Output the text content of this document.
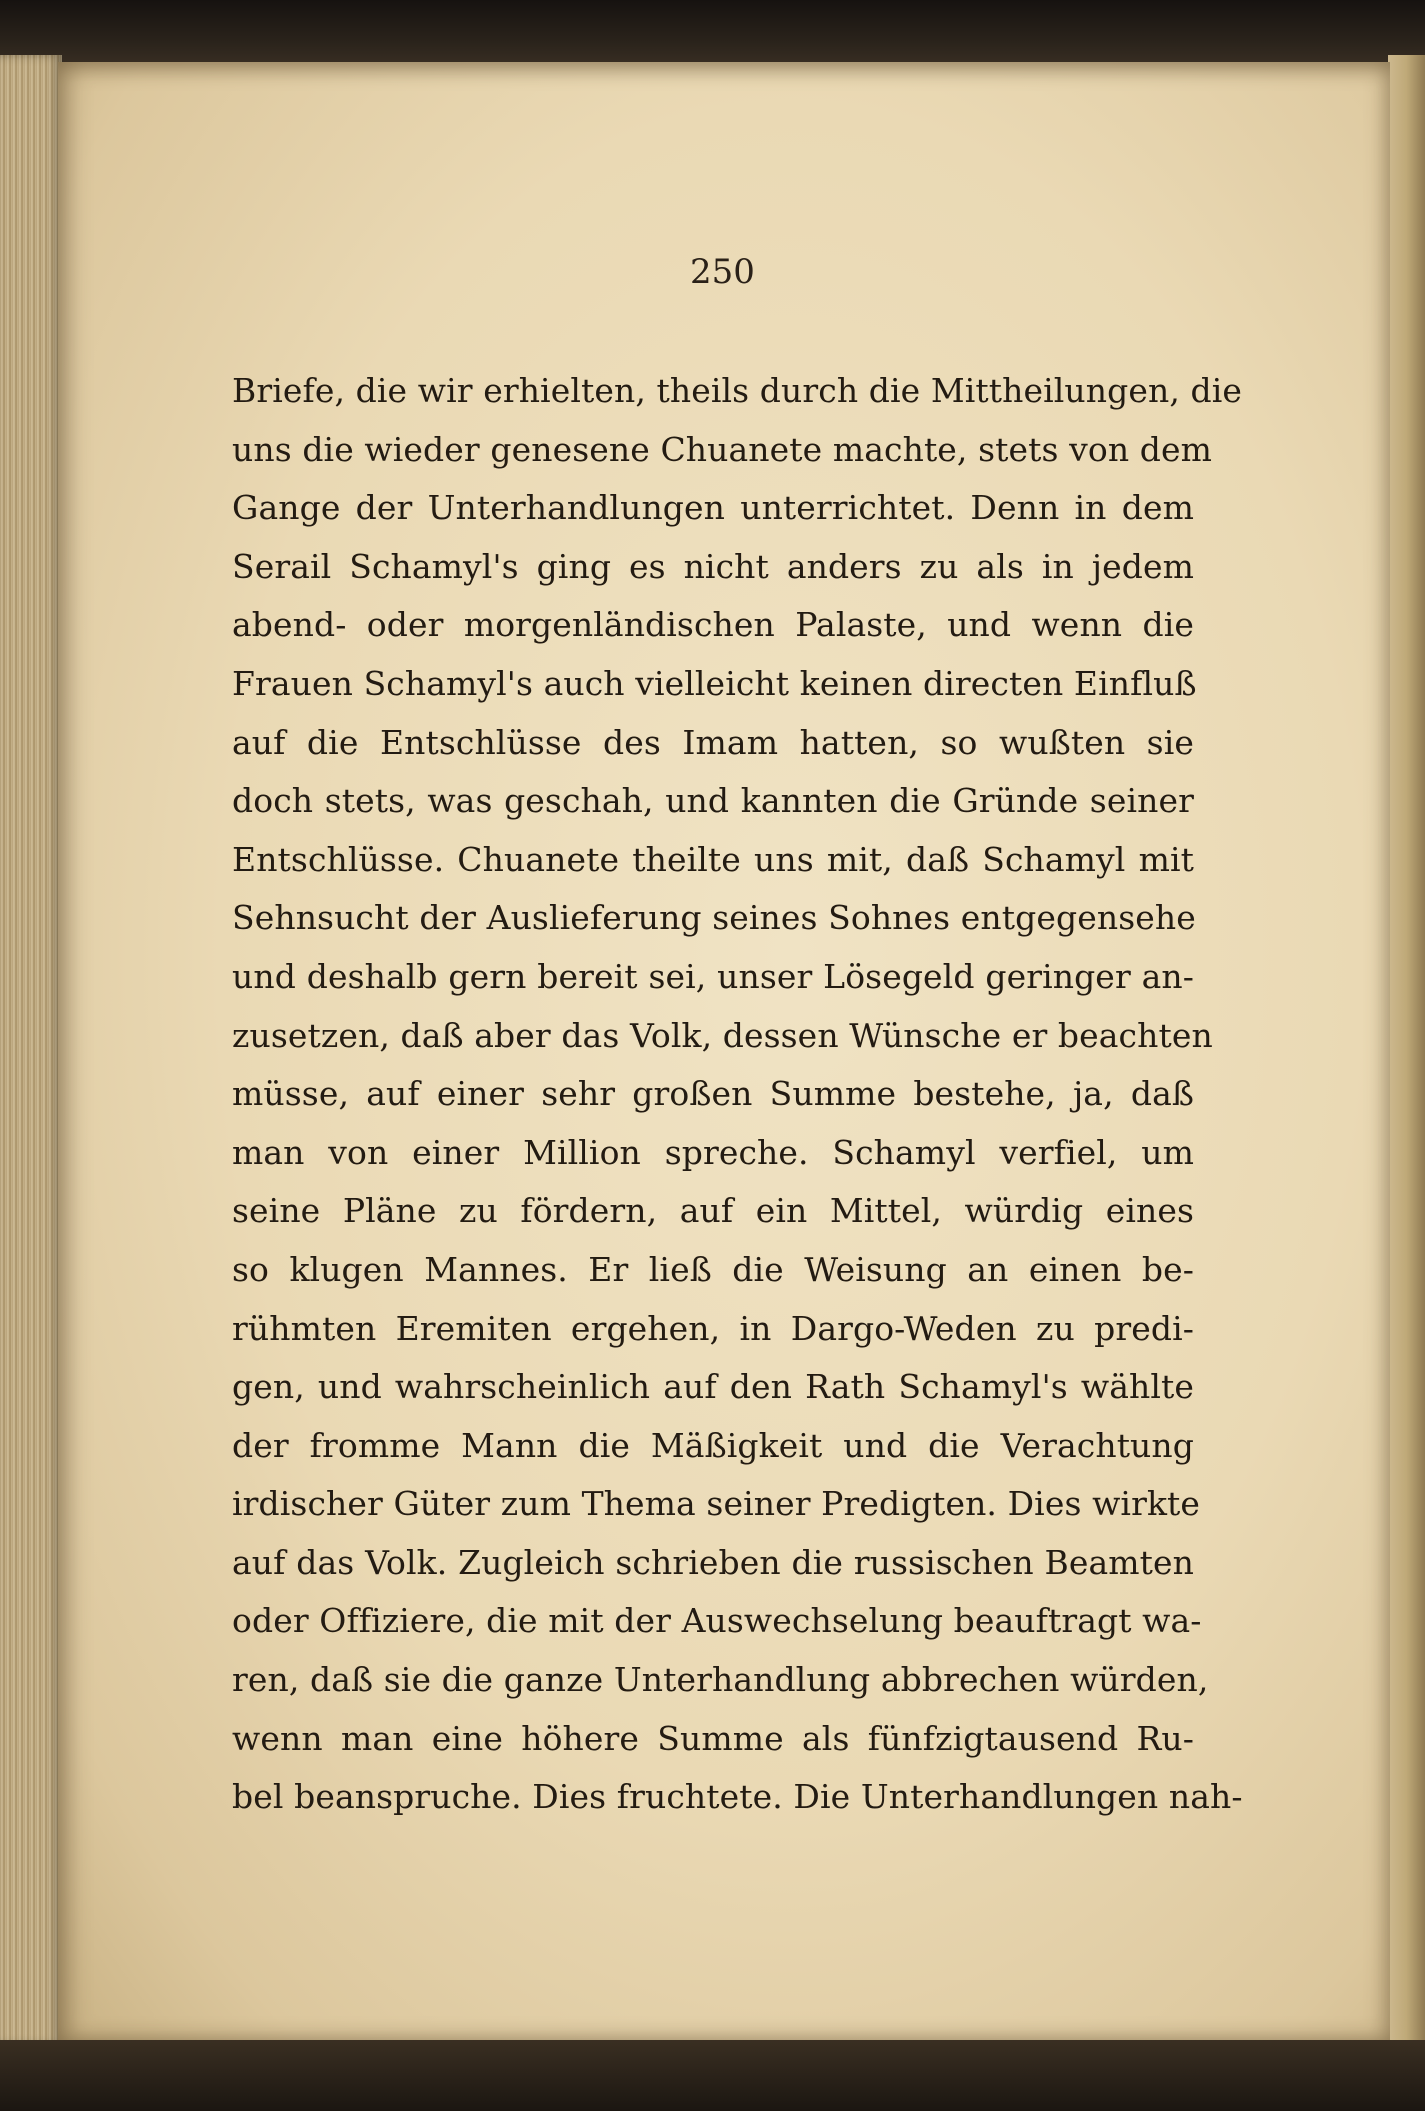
250
Briefe, die wir erhielten, theils durch die Mittheilungen, die
uns die wieder genesene Chuanete machte, stets von dem
Gange der Unterhandlungen unterrichtet. Denn in dem
Serail Schamyl's ging es nicht anders zu als in jedem
abend- oder morgenländischen Palaste, und wenn die
Frauen Schamyl's auch vielleicht keinen directen Einfluß
auf die Entschlüsse des Imam hatten, so wußten sie
doch stets, was geschah, und kannten die Gründe seiner
Entschlüsse. Chuanete theilte uns mit, daß Schamyl mit
Sehnsucht der Auslieferung seines Sohnes entgegensehe
und deshalb gern bereit sei, unser Lösegeld geringer an-
zusetzen, daß aber das Volk, dessen Wünsche er beachten
müsse, auf einer sehr großen Summe bestehe, ja, daß
man von einer Million spreche. Schamyl verfiel, um
seine Pläne zu fördern, auf ein Mittel, würdig eines
so klugen Mannes. Er ließ die Weisung an einen be-
rühmten Eremiten ergehen, in Dargo-Weden zu predi-
gen, und wahrscheinlich auf den Rath Schamyl's wählte
der fromme Mann die Mäßigkeit und die Verachtung
irdischer Güter zum Thema seiner Predigten. Dies wirkte
auf das Volk. Zugleich schrieben die russischen Beamten
oder Offiziere, die mit der Auswechselung beauftragt wa-
ren, daß sie die ganze Unterhandlung abbrechen würden,
wenn man eine höhere Summe als fünfzigtausend Ru-
bel beanspruche. Dies fruchtete. Die Unterhandlungen nah-
